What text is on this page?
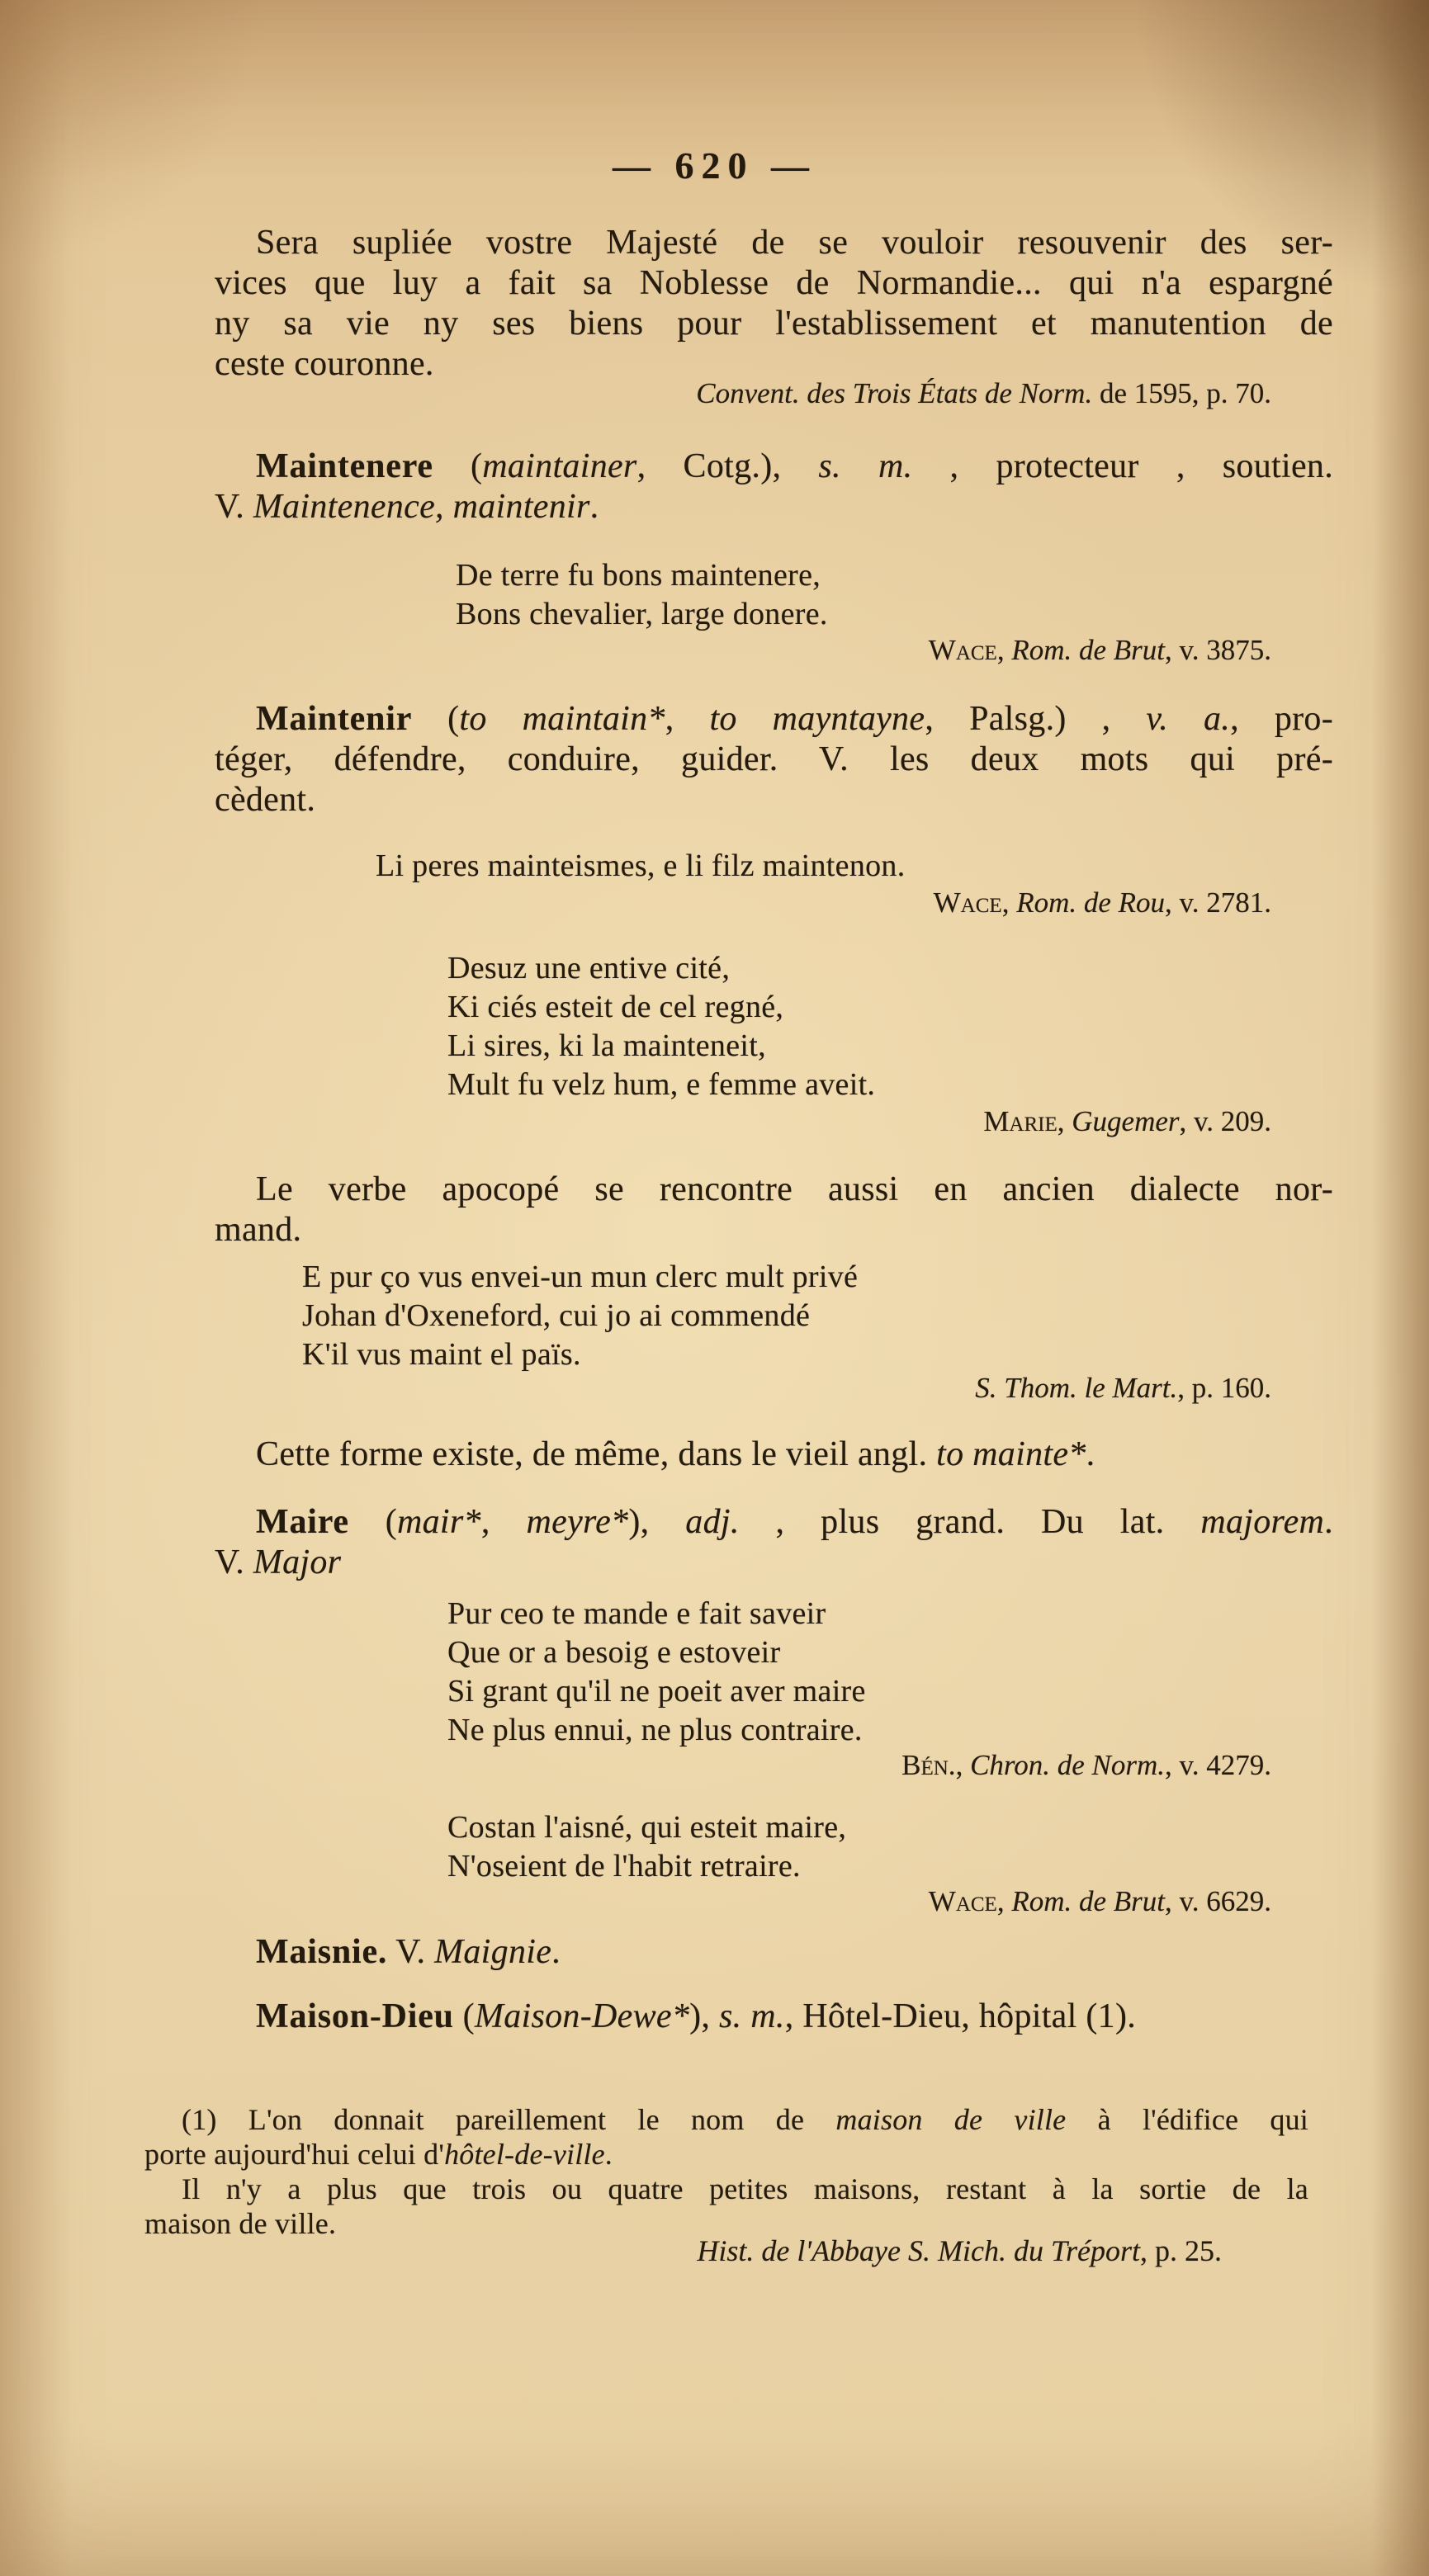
— 620 —
Sera supliée vostre Majesté de se vouloir resouvenir des ser-
vices que luy a fait sa Noblesse de Normandie... qui n'a espargné
ny sa vie ny ses biens pour l'establissement et manutention de
ceste couronne.
Convent. des Trois États de Norm. de 1595, p. 70.
Maintenere (maintainer, Cotg.), s. m. , protecteur , soutien.
V. Maintenence, maintenir.
De terre fu bons maintenere,
Bons chevalier, large donere.
Wace, Rom. de Brut, v. 3875.
Maintenir (to maintain*, to mayntayne, Palsg.) , v. a., pro-
téger, défendre, conduire, guider. V. les deux mots qui pré-
cèdent.
Li peres mainteismes, e li filz maintenon.
Wace, Rom. de Rou, v. 2781.
Desuz une entive cité,
Ki ciés esteit de cel regné,
Li sires, ki la mainteneit,
Mult fu velz hum, e femme aveit.
Marie, Gugemer, v. 209.
Le verbe apocopé se rencontre aussi en ancien dialecte nor-
mand.
E pur ço vus envei-un mun clerc mult privé
Johan d'Oxeneford, cui jo ai commendé
K'il vus maint el païs.
S. Thom. le Mart., p. 160.
Cette forme existe, de même, dans le vieil angl. to mainte*.
Maire (mair*, meyre*), adj. , plus grand. Du lat. majorem.
V. Major
Pur ceo te mande e fait saveir
Que or a besoig e estoveir
Si grant qu'il ne poeit aver maire
Ne plus ennui, ne plus contraire.
Bén., Chron. de Norm., v. 4279.
Costan l'aisné, qui esteit maire,
N'oseient de l'habit retraire.
Wace, Rom. de Brut, v. 6629.
Maisnie. V. Maignie.
Maison-Dieu (Maison-Dewe*), s. m., Hôtel-Dieu, hôpital (1).
(1) L'on donnait pareillement le nom de maison de ville à l'édifice qui
porte aujourd'hui celui d'hôtel-de-ville.
Il n'y a plus que trois ou quatre petites maisons, restant à la sortie de la
maison de ville.
Hist. de l'Abbaye S. Mich. du Tréport, p. 25.
